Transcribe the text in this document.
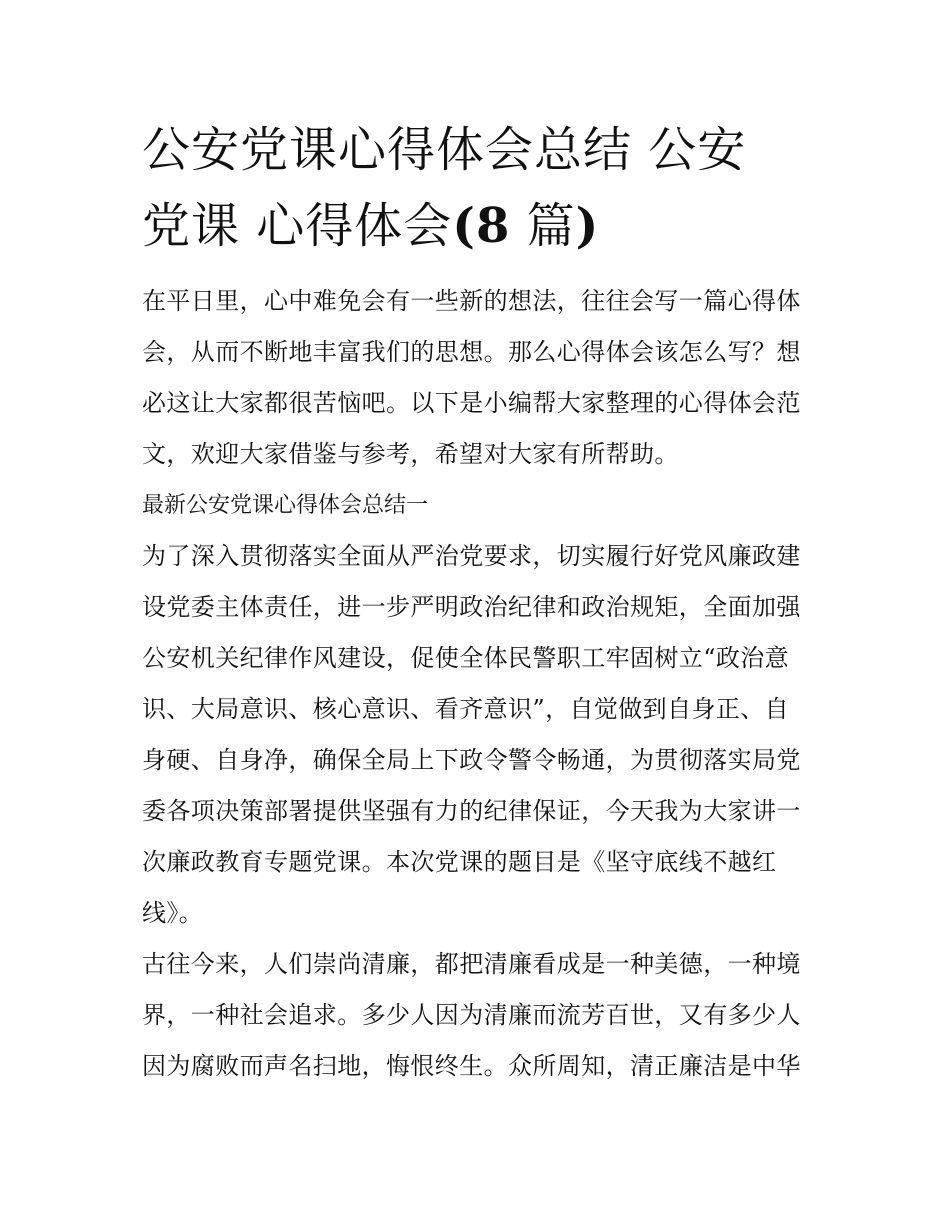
公安党课心得体会总结 公安
党课 心得体会(8 篇)
在平日里，心中难免会有一些新的想法，往往会写一篇心得体
会，从而不断地丰富我们的思想。那么心得体会该怎么写？想
必这让大家都很苦恼吧。以下是小编帮大家整理的心得体会范
文，欢迎大家借鉴与参考，希望对大家有所帮助。
最新公安党课心得体会总结一
为了深入贯彻落实全面从严治党要求，切实履行好党风廉政建
设党委主体责任，进一步严明政治纪律和政治规矩，全面加强
公安机关纪律作风建设，促使全体民警职工牢固树立“政治意
识、大局意识、核心意识、看齐意识”，自觉做到自身正、自
身硬、自身净，确保全局上下政令警令畅通，为贯彻落实局党
委各项决策部署提供坚强有力的纪律保证，今天我为大家讲一
次廉政教育专题党课。本次党课的题目是《坚守底线不越红
线》。
古往今来，人们崇尚清廉，都把清廉看成是一种美德，一种境
界，一种社会追求。多少人因为清廉而流芳百世，又有多少人
因为腐败而声名扫地，悔恨终生。众所周知，清正廉洁是中华
